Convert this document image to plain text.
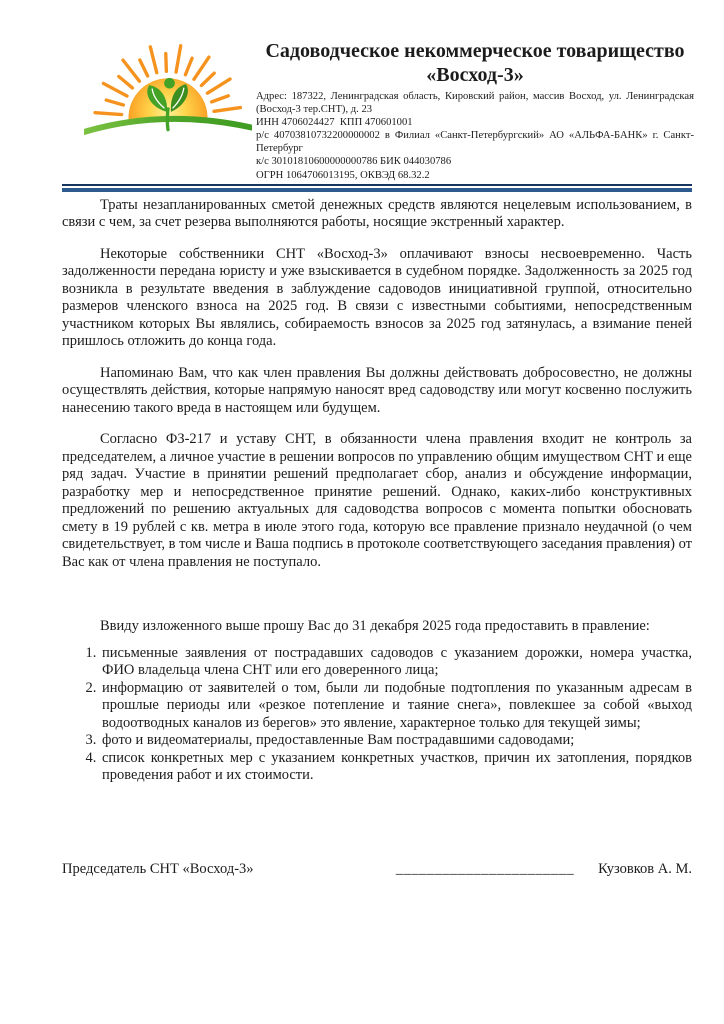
Садоводческое некоммерческое товарищество
«Восход-3»
Адрес: 187322, Ленинградская область, Кировский район, массив Восход, ул. Ленинградская (Восход-3 тер.СНТ), д. 23
ИНН 4706024427  КПП 470601001
р/с 40703810732200000002 в Филиал «Санкт-Петербургский» АО «АЛЬФА-БАНК» г. Санкт-Петербург
к/с 30101810600000000786 БИК 044030786
ОГРН 1064706013195, ОКВЭД 68.32.2

Траты незапланированных сметой денежных средств являются нецелевым использованием, в связи с чем, за счет резерва выполняются работы, носящие экстренный характер.

Некоторые собственники СНТ «Восход-3» оплачивают взносы несвоевременно. Часть задолженности передана юристу и уже взыскивается в судебном порядке. Задолженность за 2025 год возникла в результате введения в заблуждение садоводов инициативной группой, относительно размеров членского взноса на 2025 год. В связи с известными событиями, непосредственным участником которых Вы являлись, собираемость взносов за 2025 год затянулась, а взимание пеней пришлось отложить до конца года.

Напоминаю Вам, что как член правления Вы должны действовать добросовестно, не должны осуществлять действия, которые напрямую наносят вред садоводству или могут косвенно послужить нанесению такого вреда в настоящем или будущем.

Согласно ФЗ-217 и уставу СНТ, в обязанности члена правления входит не контроль за председателем, а личное участие в решении вопросов по управлению общим имуществом СНТ и еще ряд задач. Участие в принятии решений предполагает сбор, анализ и обсуждение информации, разработку мер и непосредственное принятие решений. Однако, каких-либо конструктивных предложений по решению актуальных для садоводства вопросов с момента попытки обосновать смету в 19 рублей с кв. метра в июле этого года, которую все правление признало неудачной (о чем свидетельствует, в том числе и Ваша подпись в протоколе соответствующего заседания правления) от Вас как от члена правления не поступало.

Ввиду изложенного выше прошу Вас до 31 декабря 2025 года предоставить в правление:

1. письменные заявления от пострадавших садоводов с указанием дорожки, номера участка, ФИО владельца члена СНТ или его доверенного лица;
2. информацию от заявителей о том, были ли подобные подтопления по указанным адресам в прошлые периоды или «резкое потепление и таяние снега», повлекшее за собой «выход водоотводных каналов из берегов» это явление, характерное только для текущей зимы;
3. фото и видеоматериалы, предоставленные Вам пострадавшими садоводами;
4. список конкретных мер с указанием конкретных участков, причин их затопления, порядков проведения работ и их стоимости.
Председатель СНТ «Восход-3»	_______________________ Кузовков А. М.
